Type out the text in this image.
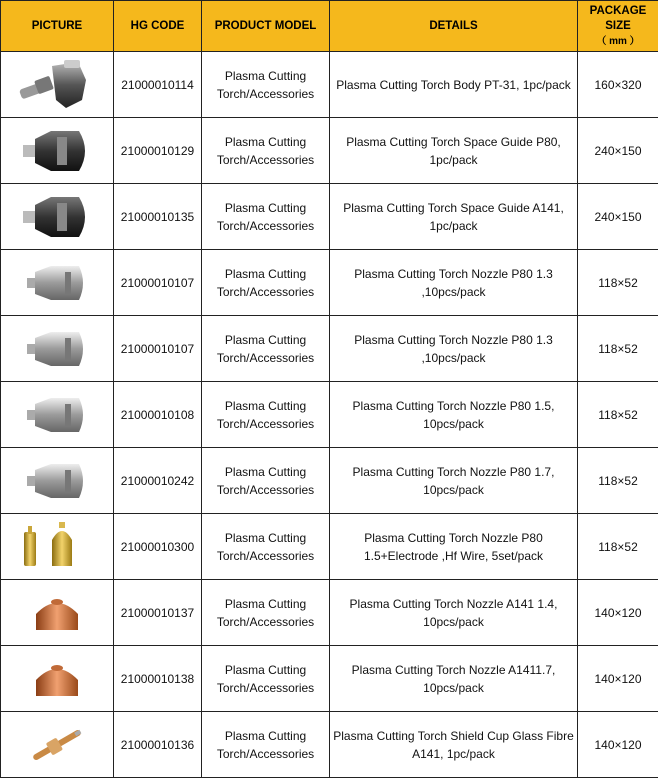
PICTURE	HG CODE	PRODUCT MODEL	DETAILS	PACKAGE
SIZE
（ mm ）

	21000010114	Plasma Cutting Torch/Accessories	Plasma Cutting Torch Body PT-31, 1pc/pack	160×320

	21000010129	Plasma Cutting Torch/Accessories	Plasma Cutting Torch Space Guide P80, 1pc/pack	240×150

	21000010135	Plasma Cutting Torch/Accessories	Plasma Cutting Torch Space Guide A141, 1pc/pack	240×150

	21000010107	Plasma Cutting Torch/Accessories	Plasma Cutting Torch Nozzle P80 1.3 ,10pcs/pack	118×52

	21000010107	Plasma Cutting Torch/Accessories	Plasma Cutting Torch Nozzle P80 1.3 ,10pcs/pack	118×52

	21000010108	Plasma Cutting Torch/Accessories	Plasma Cutting Torch Nozzle P80 1.5, 10pcs/pack	118×52

	21000010242	Plasma Cutting Torch/Accessories	Plasma Cutting Torch Nozzle P80 1.7, 10pcs/pack	118×52

	21000010300	Plasma Cutting Torch/Accessories	Plasma Cutting Torch Nozzle P80 1.5+Electrode ,Hf Wire, 5set/pack	118×52

	21000010137	Plasma Cutting Torch/Accessories	Plasma Cutting Torch Nozzle A141 1.4, 10pcs/pack	140×120

	21000010138	Plasma Cutting Torch/Accessories	Plasma Cutting Torch Nozzle A1411.7, 10pcs/pack	140×120

	21000010136	Plasma Cutting Torch/Accessories	Plasma Cutting Torch Shield Cup Glass Fibre A141, 1pc/pack	140×120
